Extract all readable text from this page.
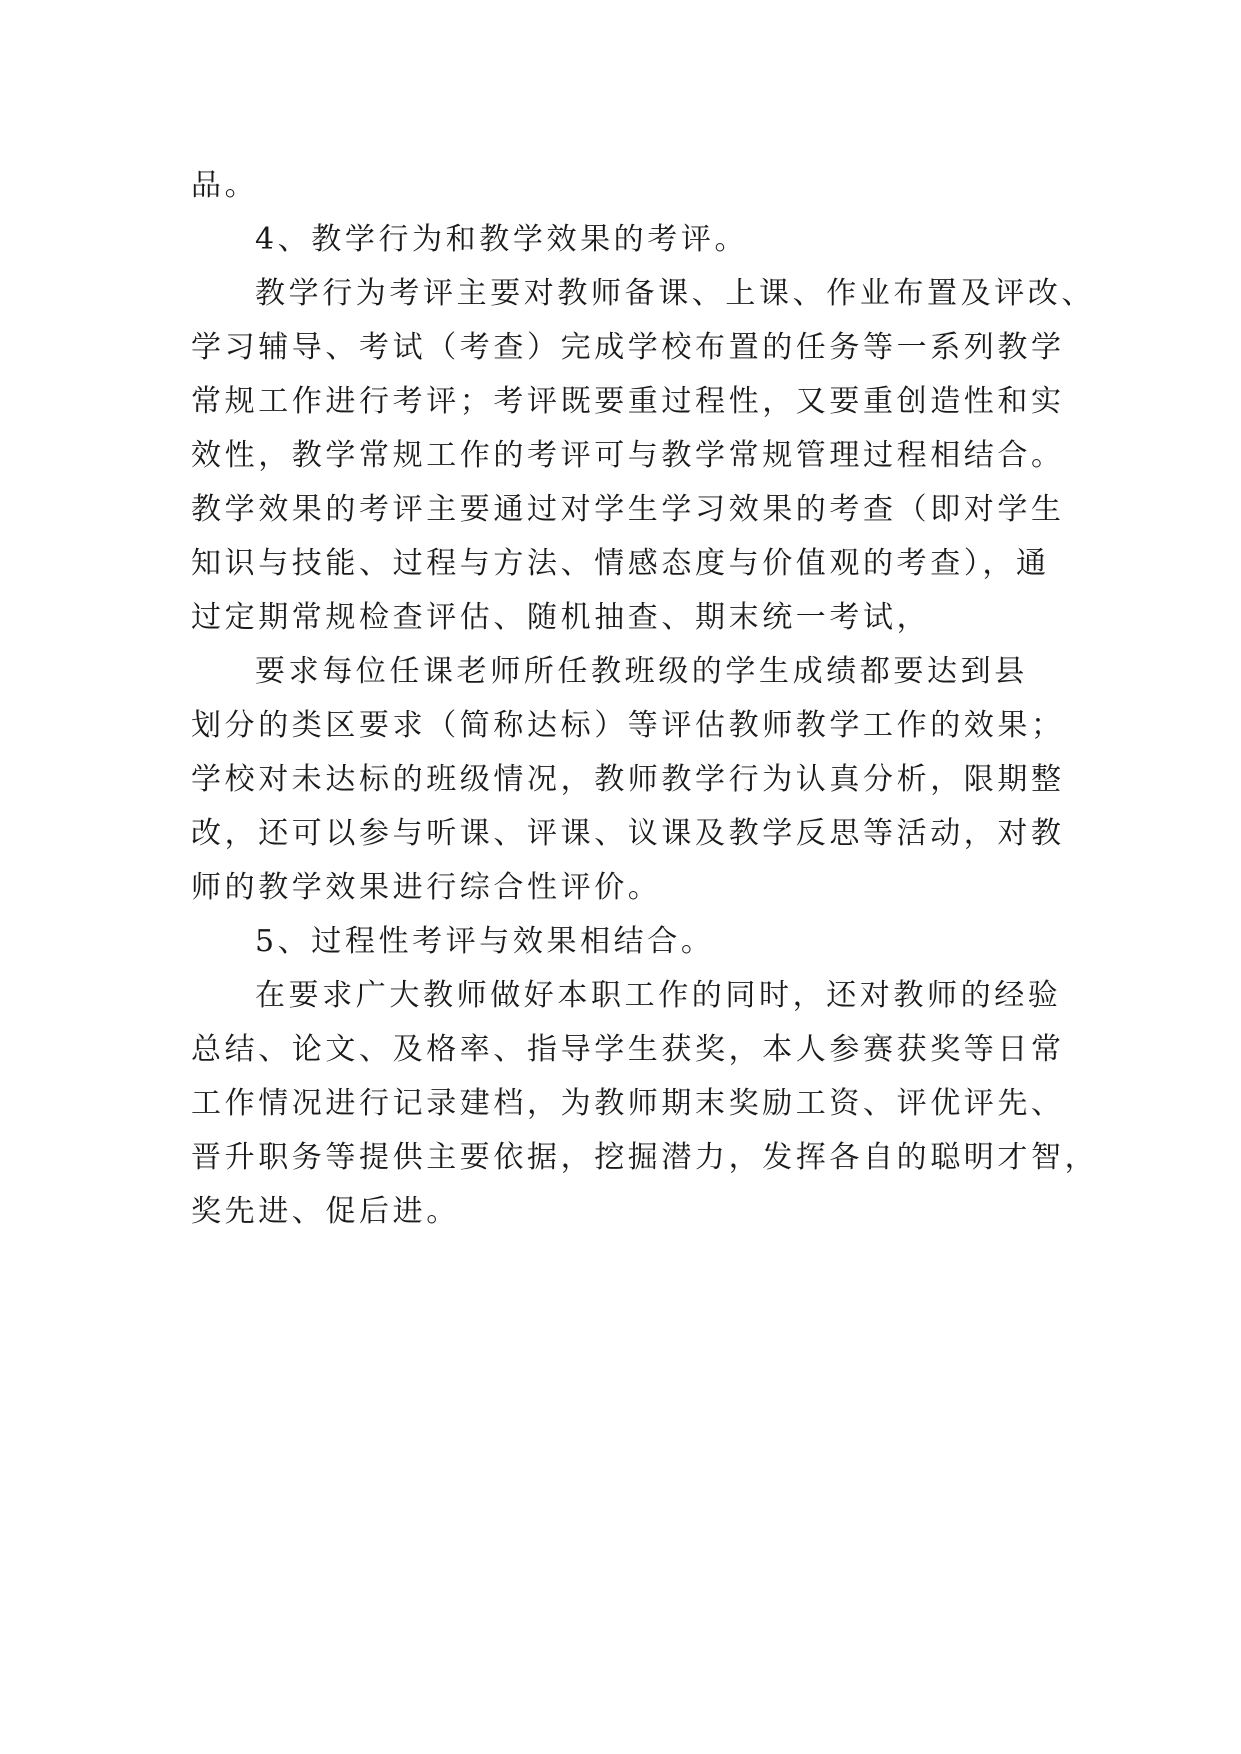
品。
4、教学行为和教学效果的考评。
教学行为考评主要对教师备课、上课、作业布置及评改、
学习辅导、考试（考查）完成学校布置的任务等一系列教学
常规工作进行考评；考评既要重过程性，又要重创造性和实
效性，教学常规工作的考评可与教学常规管理过程相结合。
教学效果的考评主要通过对学生学习效果的考查（即对学生
知识与技能、过程与方法、情感态度与价值观的考查），通
过定期常规检查评估、随机抽查、期末统一考试，
要求每位任课老师所任教班级的学生成绩都要达到县
划分的类区要求（简称达标）等评估教师教学工作的效果；
学校对未达标的班级情况，教师教学行为认真分析，限期整
改，还可以参与听课、评课、议课及教学反思等活动，对教
师的教学效果进行综合性评价。
5、过程性考评与效果相结合。
在要求广大教师做好本职工作的同时，还对教师的经验
总结、论文、及格率、指导学生获奖，本人参赛获奖等日常
工作情况进行记录建档，为教师期末奖励工资、评优评先、
晋升职务等提供主要依据，挖掘潜力，发挥各自的聪明才智，
奖先进、促后进。
